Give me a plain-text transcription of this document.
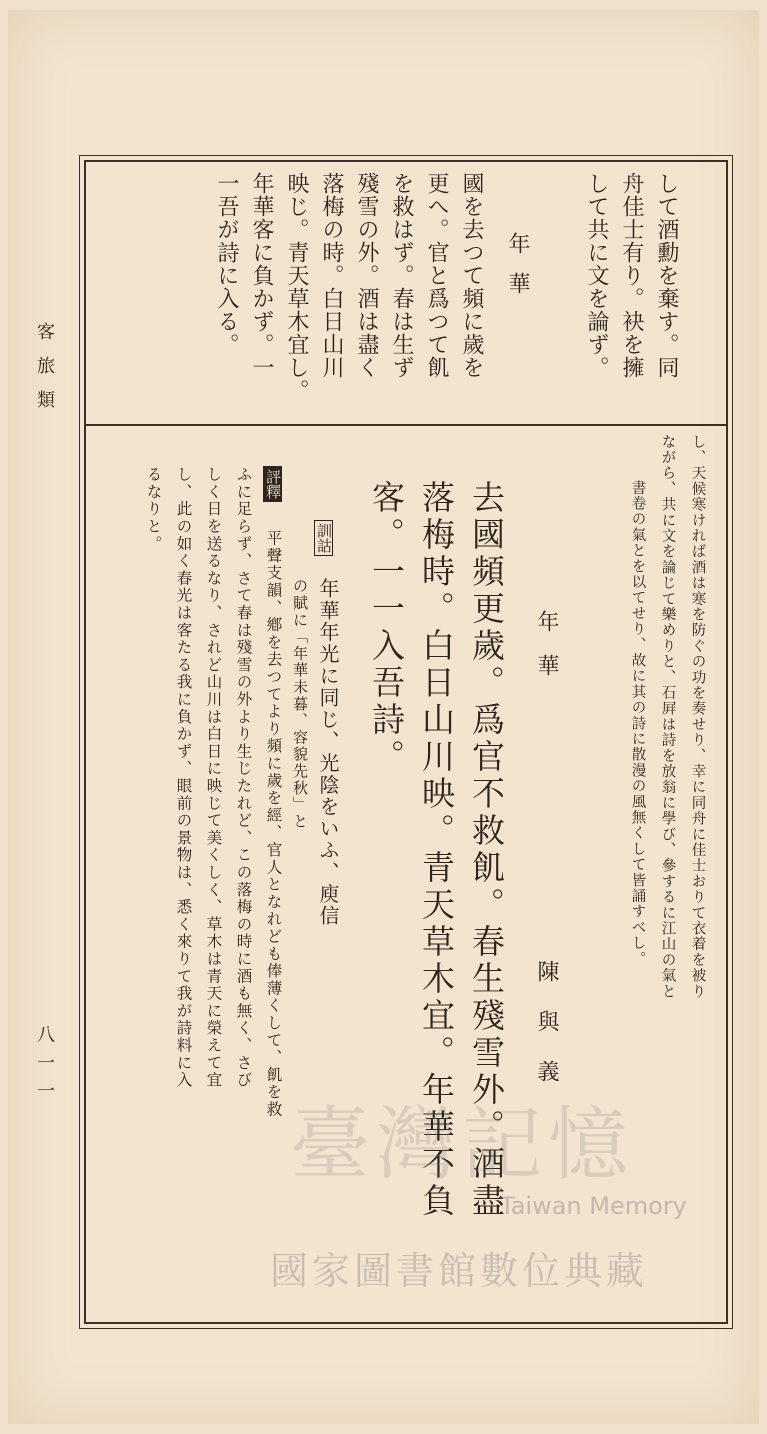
して酒勳を棄す。同
舟佳士有り。袂を擁
して共に文を論ず。
年華
國を去つて頻に歲を
更へ。官と爲つて飢
を救はず。春は生ず
殘雪の外。酒は盡く
落梅の時。白日山川
映じ。青天草木宜し。
年華客に負かず。一
一吾が詩に入る。
客旅類
八一一
し、天候寒ければ酒は寒を防ぐの功を奏せり、幸に同舟に佳士おりて衣着を被り
ながら、共に文を論じて樂めりと、石屛は詩を放翁に學び、參するに江山の氣と
書卷の氣とを以てせり、故に其の詩に散漫の風無くして皆誦すべし。
年華
陳與義
去國頻更歲。爲官不救飢。春生殘雪外。酒盡
落梅時。白日山川映。青天草木宜。年華不負
客。一一入吾詩。
訓詁
年華年光に同じ、光陰をいふ、庾信
の賦に「年華未暮、容貌先秋」と
評釋
平聲支韻、鄕を去つてより頻に歲を經、官人となれども俸薄くして、飢を救
ふに足らず、さて春は殘雪の外より生じたれど、この落梅の時に酒も無く、さび
しく日を送るなり、されど山川は白日に映じて美くしく、草木は青天に榮えて宜
し、此の如く春光は客たる我に負かず、眼前の景物は、悉く來りて我が詩料に入
るなりと。
臺灣記憶
Taiwan Memory
國家圖書館數位典藏
